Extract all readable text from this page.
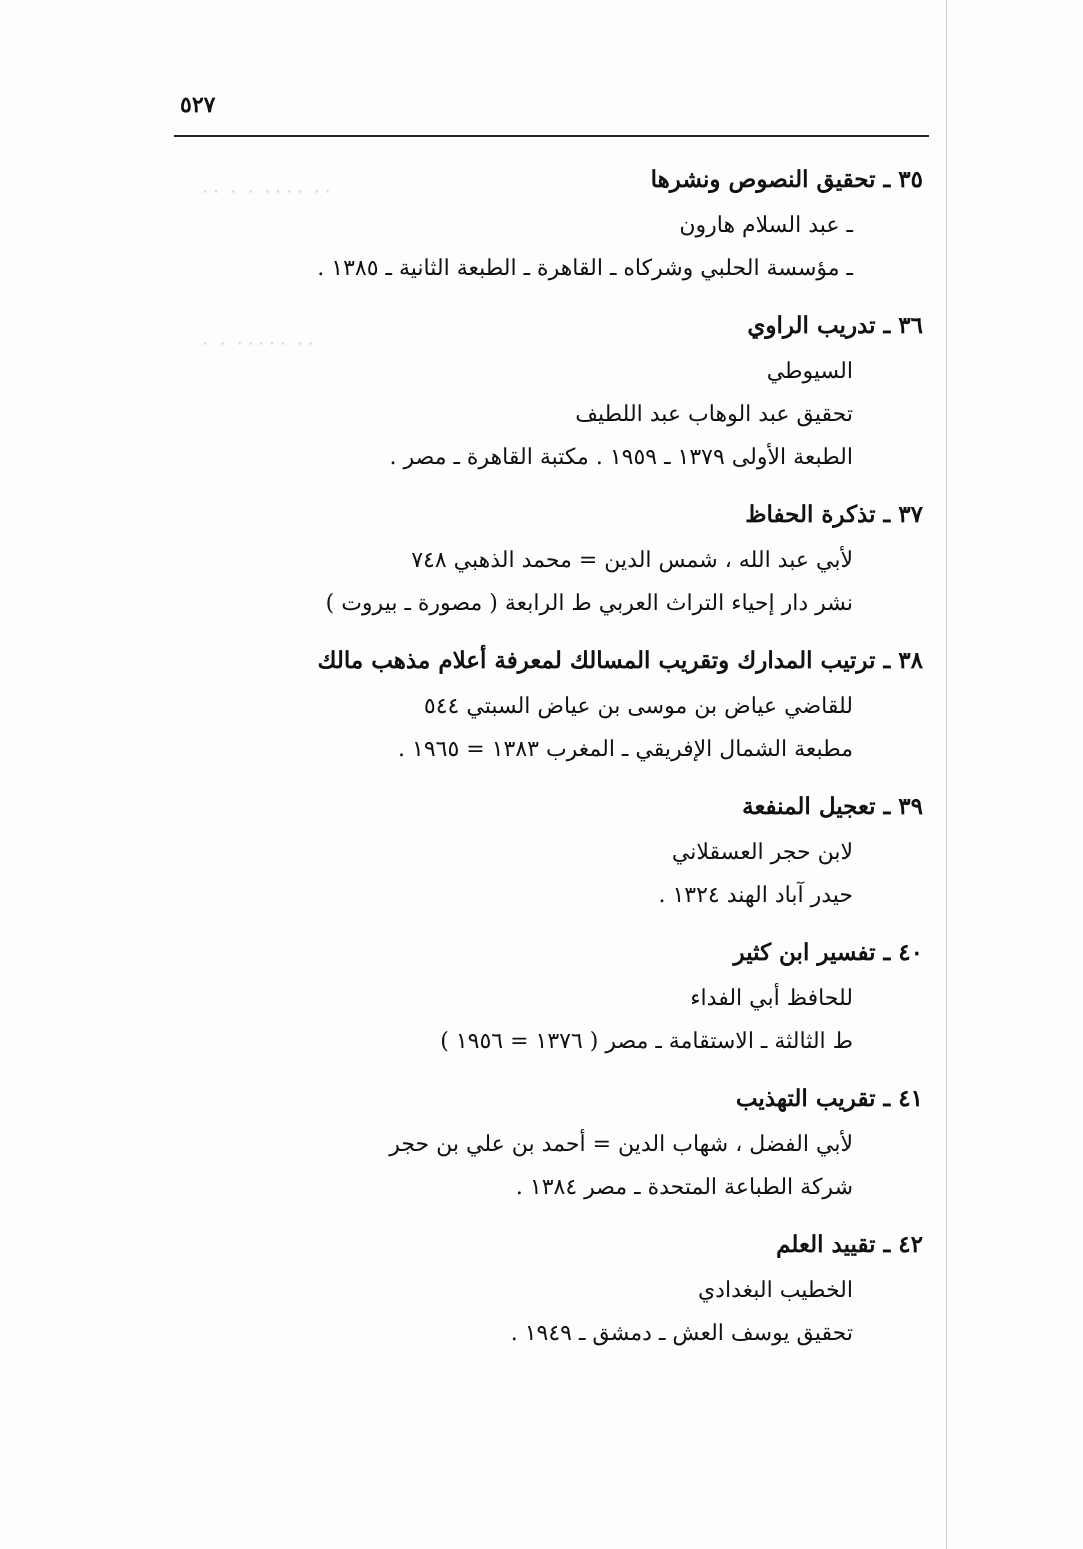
٥٢٧
٠٠ ٠٠٠٠ ٠ ٠ ٠٠
٠٠ ٠٠٠٠٠ ٠ ٠
٣٥ ـتحقيق النصوص ونشرها
ـ عبد السلام هارون
ـ مؤسسة الحلبي وشركاه ـ القاهرة ـ الطبعة الثانية ـ ١٣٨٥ .
٣٦ ـتدريب الراوي
السيوطي
تحقيق عبد الوهاب عبد اللطيف
الطبعة الأولى ١٣٧٩ ـ ١٩٥٩ . مكتبة القاهرة ـ مصر .
٣٧ ـتذكرة الحفاظ
لأبي عبد الله ، شمس الدين = محمد الذهبي ٧٤٨
نشر دار إحياء التراث العربي ط الرابعة ( مصورة ـ بيروت )
٣٨ ـترتيب المدارك وتقريب المسالك لمعرفة أعلام مذهب مالك
للقاضي عياض بن موسى بن عياض السبتي ٥٤٤
مطبعة الشمال الإفريقي ـ المغرب ١٣٨٣ = ١٩٦٥ .
٣٩ ـتعجيل المنفعة
لابن حجر العسقلاني
حيدر آباد الهند ١٣٢٤ .
٤٠ ـتفسير ابن كثير
للحافظ أبي الفداء
ط الثالثة ـ الاستقامة ـ مصر ( ١٣٧٦ = ١٩٥٦ )
٤١ ـتقريب التهذيب
لأبي الفضل ، شهاب الدين = أحمد بن علي بن حجر
شركة الطباعة المتحدة ـ مصر ١٣٨٤ .
٤٢ ـتقييد العلم
الخطيب البغدادي
تحقيق يوسف العش ـ دمشق ـ ١٩٤٩ .
